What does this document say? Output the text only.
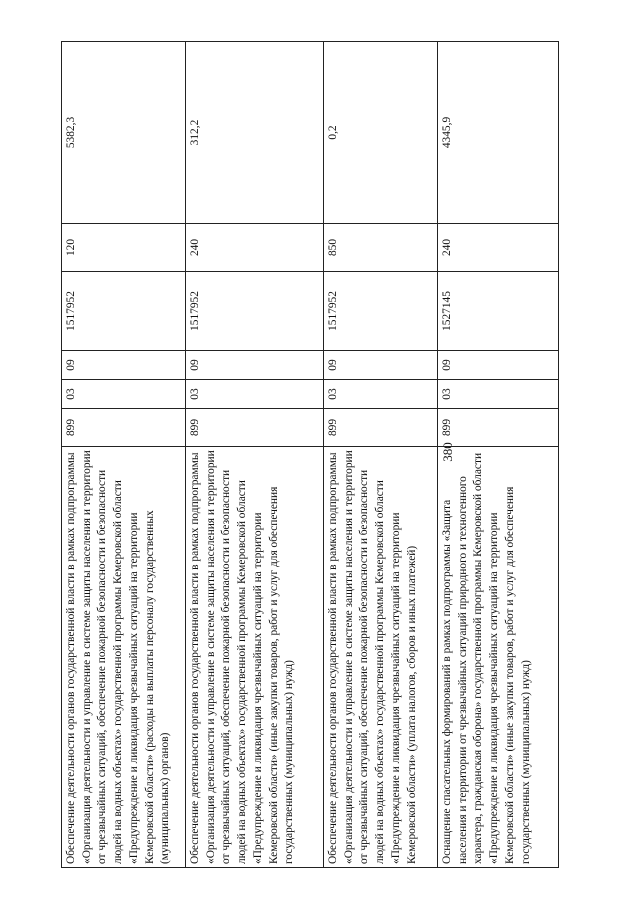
380
Обеспечение деятельности органов государственной власти в рамках подпрограммы «Организация деятельности и управление в системе защиты населения и территории от чрезвычайных ситуаций, обеспечение пожарной безопасности и безопасности людей на водных объектах» государственной программы Кемеровской области «Предупреждение и ликвидация чрезвычайных ситуаций на территории Кемеровской области» (расходы на выплаты персоналу государственных (муниципальных) органов)	899	03	09	1517952	120	5382,3
Обеспечение деятельности органов государственной власти в рамках подпрограммы «Организация деятельности и управление в системе защиты населения и территории от чрезвычайных ситуаций, обеспечение пожарной безопасности и безопасности людей на водных объектах» государственной программы Кемеровской области «Предупреждение и ликвидация чрезвычайных ситуаций на территории Кемеровской области» (иные закупки товаров, работ и услуг для обеспечения государственных (муниципальных) нужд)	899	03	09	1517952	240	312,2
Обеспечение деятельности органов государственной власти в рамках подпрограммы «Организация деятельности и управление в системе защиты населения и территории от чрезвычайных ситуаций, обеспечение пожарной безопасности и безопасности людей на водных объектах» государственной программы Кемеровской области «Предупреждение и ликвидация чрезвычайных ситуаций на территории Кемеровской области» (уплата налогов, сборов и иных платежей)	899	03	09	1517952	850	0,2
Оснащение спасательных формирований в рамках подпрограммы «Защита населения и территории от чрезвычайных ситуаций природного и техногенного характера, гражданская оборона» государственной программы Кемеровской области «Предупреждение и ликвидация чрезвычайных ситуаций на территории Кемеровской области» (иные закупки товаров, работ и услуг для обеспечения государственных (муниципальных) нужд)	899	03	09	1527145	240	4345,9
